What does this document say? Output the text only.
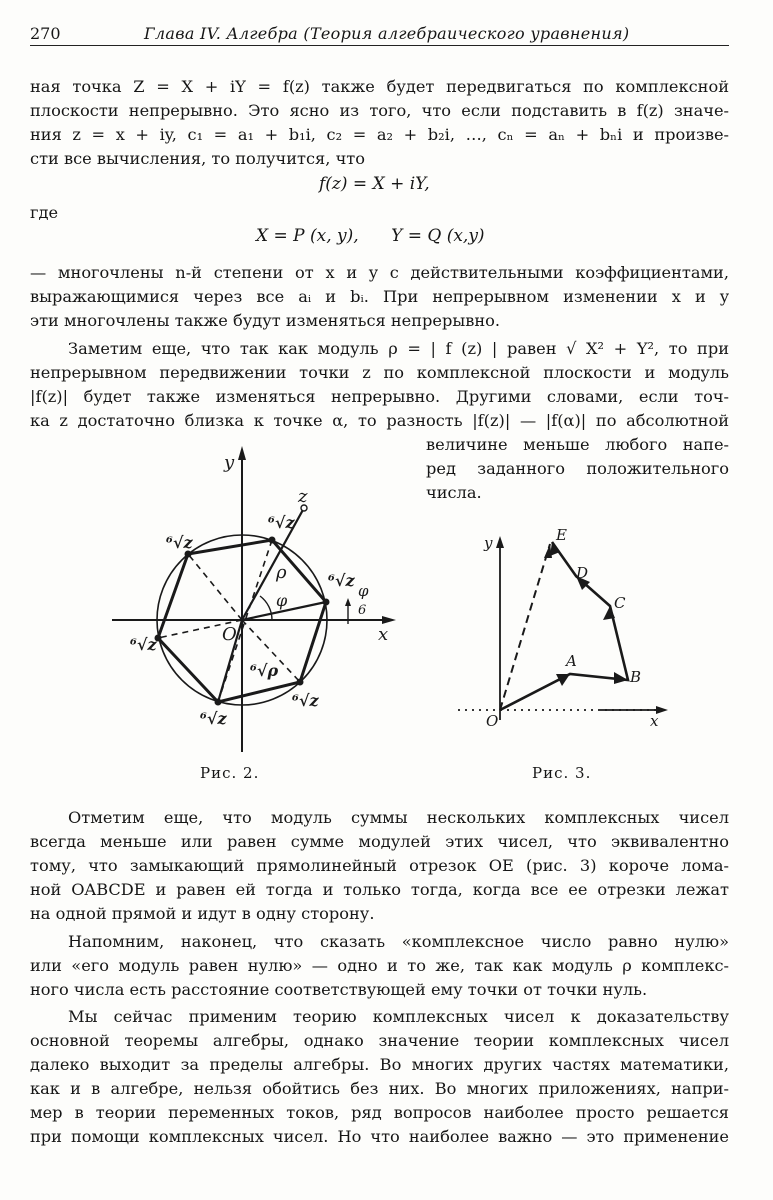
270	Глава IV. Алгебра (Теория алгебраического уравнения)
ная точка Z = X + iY = f(z) также будет передвигаться по комплексной
плоскости непрерывно. Это ясно из того, что если подставить в f(z) значе-
ния z = x + iy, c₁ = a₁ + b₁i, c₂ = a₂ + b₂i, …, cₙ = aₙ + bₙi и произве-
сти все вычисления, то получится, что
f(z) = X + iY,
где
X = P (x, y),      Y = Q (x,y)
— многочлены n-й степени от x и y с действительными коэффициентами,
выражающимися через все aᵢ и bᵢ. При непрерывном изменении x и y
эти многочлены также будут изменяться непрерывно.
Заметим еще, что так как модуль ρ = | f (z) | равен √ X² + Y², то при
непрерывном передвижении точки z по комплексной плоскости и модуль
|f(z)| будет также изменяться непрерывно. Другими словами, если точ-
ка z достаточно близка к точке α, то разность |f(z)| — |f(α)| по абсолютной
величине меньше любого напе-
ред заданного положительного
числа.
y
x
z
O
ρ
φ	φ
6
⁶√z
⁶√z
⁶√z
⁶√z
⁶√z
⁶√z
⁶√ρ
Рис. 2.
y
x
O
A
B
C
D
E
Рис. 3.
Отметим еще, что модуль суммы нескольких комплексных чисел
всегда меньше или равен сумме модулей этих чисел, что эквивалентно
тому, что замыкающий прямолинейный отрезок OE (рис. 3) короче лома-
ной OABCDE и равен ей тогда и только тогда, когда все ее отрезки лежат
на одной прямой и идут в одну сторону.
Напомним, наконец, что сказать «комплексное число равно нулю»
или «его модуль равен нулю» — одно и то же, так как модуль ρ комплекс-
ного числа есть расстояние соответствующей ему точки от точки нуль.
Мы сейчас применим теорию комплексных чисел к доказательству
основной теоремы алгебры, однако значение теории комплексных чисел
далеко выходит за пределы алгебры. Во многих других частях математики,
как и в алгебре, нельзя обойтись без них. Во многих приложениях, напри-
мер в теории переменных токов, ряд вопросов наиболее просто решается
при помощи комплексных чисел. Но что наиболее важно — это применение
